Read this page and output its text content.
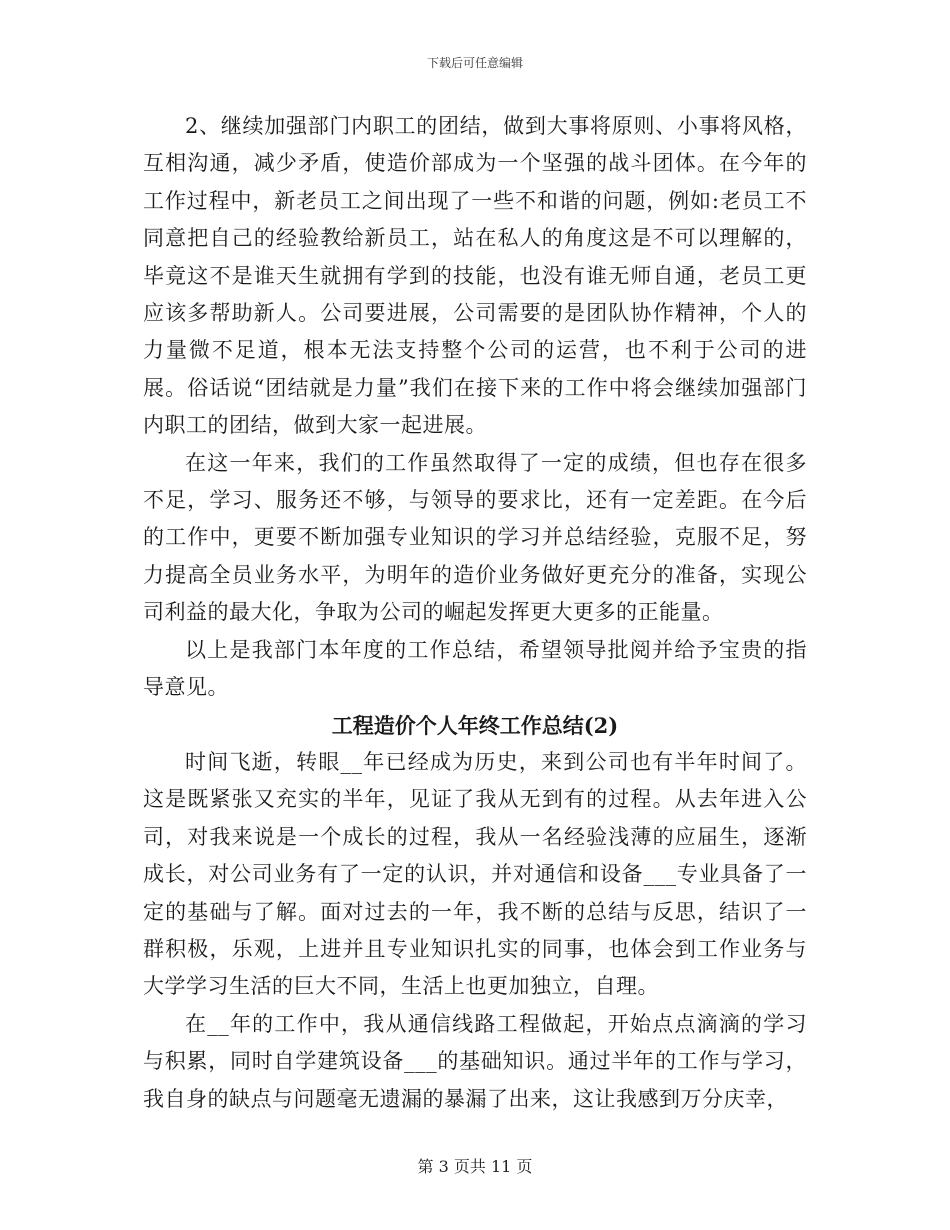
下载后可任意编辑

2、继续加强部门内职工的团结，做到大事将原则、小事将风格，互相沟通，减少矛盾，使造价部成为一个坚强的战斗团体。在今年的工作过程中，新老员工之间出现了一些不和谐的问题，例如:老员工不同意把自己的经验教给新员工，站在私人的角度这是不可以理解的，毕竟这不是谁天生就拥有学到的技能，也没有谁无师自通，老员工更应该多帮助新人。公司要进展，公司需要的是团队协作精神，个人的力量微不足道，根本无法支持整个公司的运营，也不利于公司的进展。俗话说“团结就是力量”我们在接下来的工作中将会继续加强部门内职工的团结，做到大家一起进展。

在这一年来，我们的工作虽然取得了一定的成绩，但也存在很多不足，学习、服务还不够，与领导的要求比，还有一定差距。在今后的工作中，更要不断加强专业知识的学习并总结经验，克服不足，努力提高全员业务水平，为明年的造价业务做好更充分的准备，实现公司利益的最大化，争取为公司的崛起发挥更大更多的正能量。

以上是我部门本年度的工作总结，希望领导批阅并给予宝贵的指导意见。

工程造价个人年终工作总结(2)

时间飞逝，转眼__年已经成为历史，来到公司也有半年时间了。这是既紧张又充实的半年，见证了我从无到有的过程。从去年进入公司，对我来说是一个成长的过程，我从一名经验浅薄的应届生，逐渐成长，对公司业务有了一定的认识，并对通信和设备___专业具备了一定的基础与了解。面对过去的一年，我不断的总结与反思，结识了一群积极，乐观，上进并且专业知识扎实的同事，也体会到工作业务与大学学习生活的巨大不同，生活上也更加独立，自理。

在__年的工作中，我从通信线路工程做起，开始点点滴滴的学习与积累，同时自学建筑设备___的基础知识。通过半年的工作与学习，我自身的缺点与问题毫无遗漏的暴漏了出来，这让我感到万分庆幸，

第 3 页共 11 页
